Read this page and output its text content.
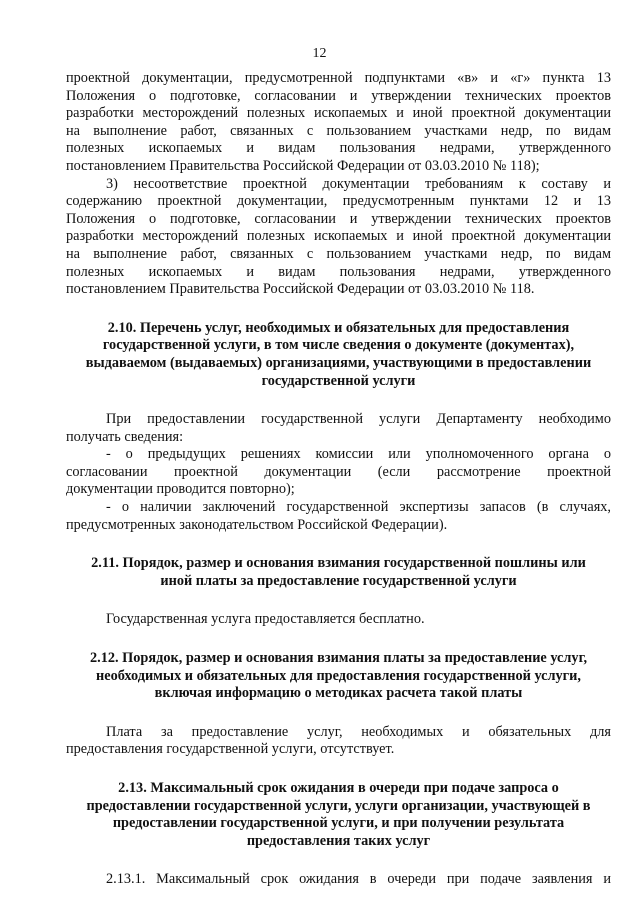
12

проектной документации, предусмотренной подпунктами «в» и «г» пункта 13

Положения о подготовке, согласовании и утверждении технических проектов

разработки месторождений полезных ископаемых и иной проектной документации

на выполнение работ, связанных с пользованием участками недр, по видам

полезных ископаемых и видам пользования недрами, утвержденного

постановлением Правительства Российской Федерации от 03.03.2010 № 118);

3) несоответствие проектной документации требованиям к составу и

содержанию проектной документации, предусмотренным пунктами 12 и 13

Положения о подготовке, согласовании и утверждении технических проектов

разработки месторождений полезных ископаемых и иной проектной документации

на выполнение работ, связанных с пользованием участками недр, по видам

полезных ископаемых и видам пользования недрами, утвержденного

постановлением Правительства Российской Федерации от 03.03.2010 № 118.

2.10. Перечень услуг, необходимых и обязательных для предоставления
государственной услуги, в том числе сведения о документе (документах),
выдаваемом (выдаваемых) организациями, участвующими в предоставлении
государственной услуги

При предоставлении государственной услуги Департаменту необходимо

получать сведения:

- о предыдущих решениях комиссии или уполномоченного органа о

согласовании проектной документации (если рассмотрение проектной

документации проводится повторно);

- о наличии заключений государственной экспертизы запасов (в случаях,

предусмотренных законодательством Российской Федерации).

2.11. Порядок, размер и основания взимания государственной пошлины или
иной платы за предоставление государственной услуги

Государственная услуга предоставляется бесплатно.

2.12. Порядок, размер и основания взимания платы за предоставление услуг,
необходимых и обязательных для предоставления государственной услуги,
включая информацию о методиках расчета такой платы

Плата за предоставление услуг, необходимых и обязательных для

предоставления государственной услуги, отсутствует.

2.13. Максимальный срок ожидания в очереди при подаче запроса о
предоставлении государственной услуги, услуги организации, участвующей в
предоставлении государственной услуги, и при получении результата
предоставления таких услуг

2.13.1. Максимальный срок ожидания в очереди при подаче заявления и
